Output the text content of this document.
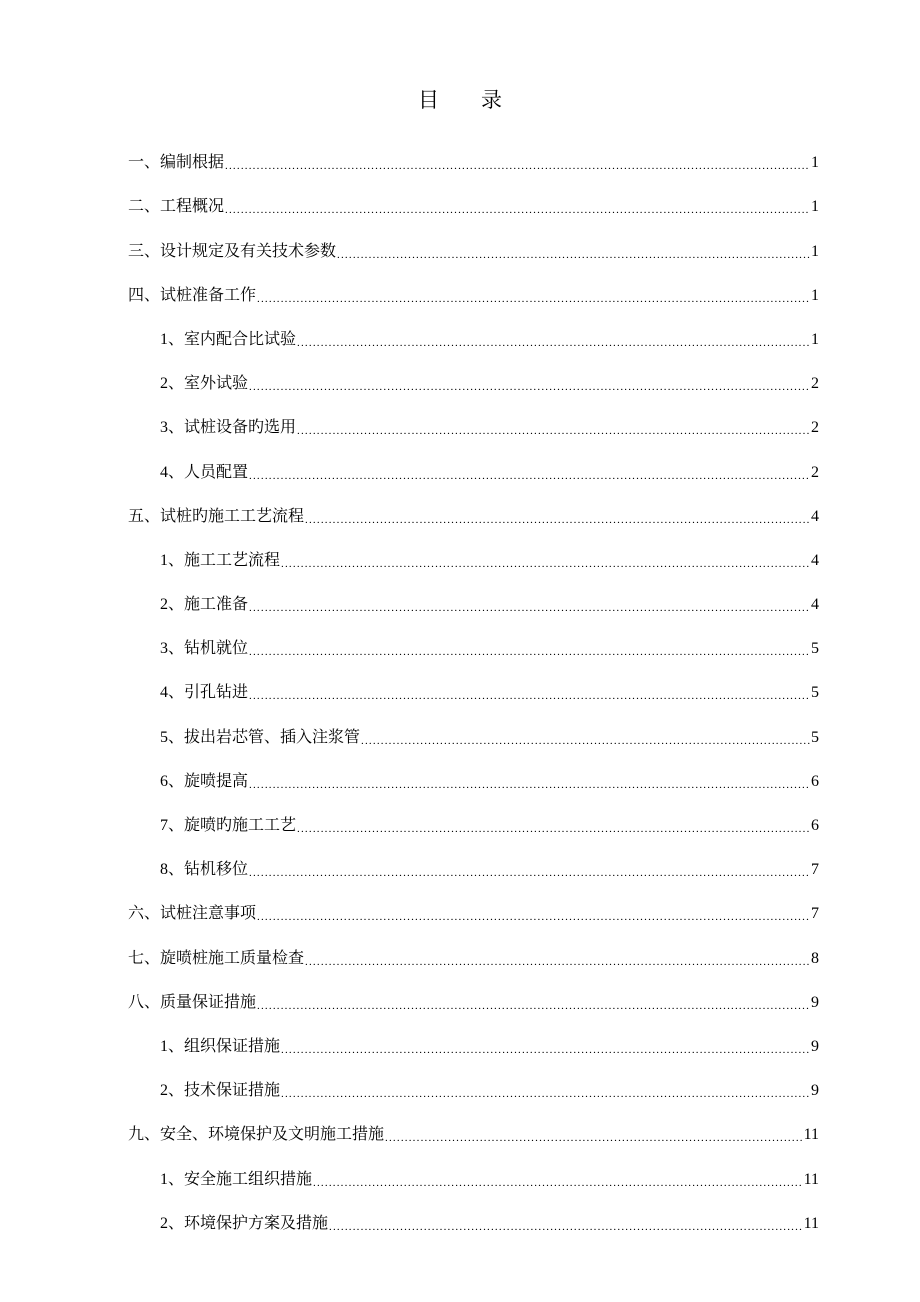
目 录
一、编制根据 .....	1
二、工程概况 .....	1
三、设计规定及有关技术参数 .....	1
四、试桩准备工作 .....	1
1、室内配合比试验 .....	1
2、室外试验 .....	2
3、试桩设备旳选用 .....	2
4、人员配置 .....	2
五、试桩旳施工工艺流程 .....	4
1、施工工艺流程 .....	4
2、施工准备 .....	4
3、钻机就位 .....	5
4、引孔钻进 .....	5
5、拔出岩芯管、插入注浆管 .....	5
6、旋喷提高 .....	6
7、旋喷旳施工工艺 .....	6
8、钻机移位 .....	7
六、试桩注意事项 .....	7
七、旋喷桩施工质量检查 .....	8
八、质量保证措施 .....	9
1、组织保证措施 .....	9
2、技术保证措施 .....	9
九、安全、环境保护及文明施工措施 .....	11
1、安全施工组织措施 .....	11
2、环境保护方案及措施 .....	11
